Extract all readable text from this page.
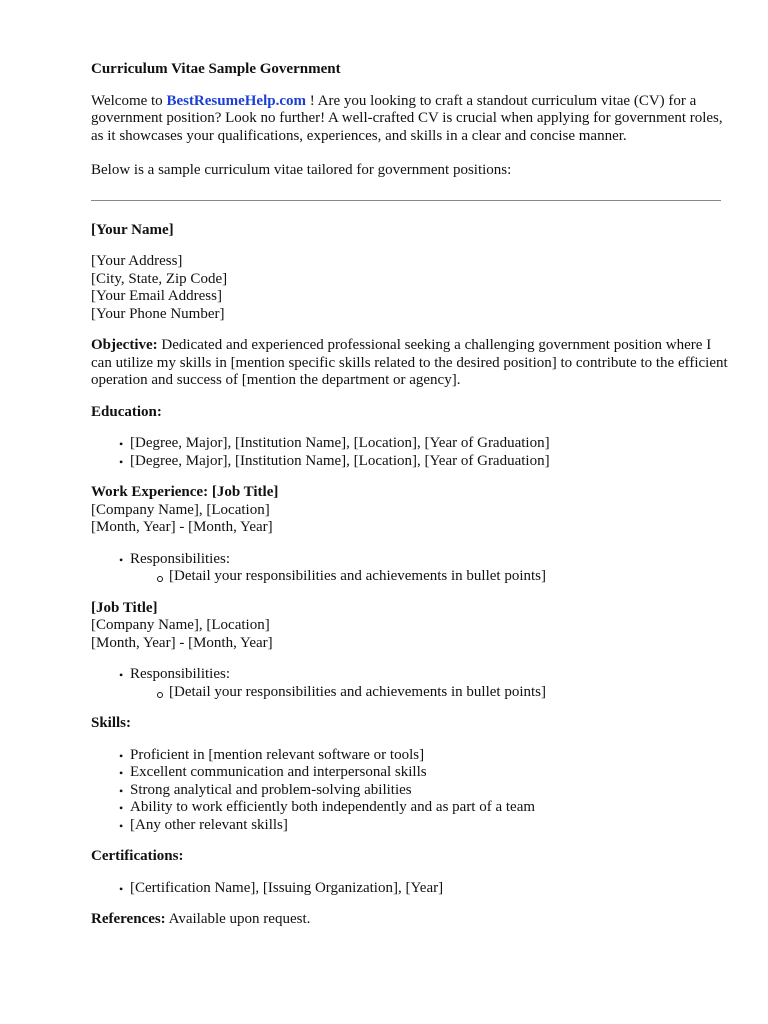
Curriculum Vitae Sample Government

Welcome to BestResumeHelp.com ! Are you looking to craft a standout curriculum vitae (CV) for a government position? Look no further! A well-crafted CV is crucial when applying for government roles, as it showcases your qualifications, experiences, and skills in a clear and concise manner.

Below is a sample curriculum vitae tailored for government positions:

[Your Name]
[Your Address]
[City, State, Zip Code]
[Your Email Address]
[Your Phone Number]

Objective: Dedicated and experienced professional seeking a challenging government position where I can utilize my skills in [mention specific skills related to the desired position] to contribute to the efficient operation and success of [mention the department or agency].

Education:
• [Degree, Major], [Institution Name], [Location], [Year of Graduation]
• [Degree, Major], [Institution Name], [Location], [Year of Graduation]
Work Experience: [Job Title]
[Company Name], [Location]
[Month, Year] - [Month, Year]
• Responsibilities:
[Detail your responsibilities and achievements in bullet points]
[Job Title]
[Company Name], [Location]
[Month, Year] - [Month, Year]
• Responsibilities:
[Detail your responsibilities and achievements in bullet points]
Skills:
• Proficient in [mention relevant software or tools]
• Excellent communication and interpersonal skills
• Strong analytical and problem-solving abilities
• Ability to work efficiently both independently and as part of a team
• [Any other relevant skills]
Certifications:
• [Certification Name], [Issuing Organization], [Year]

References: Available upon request.
